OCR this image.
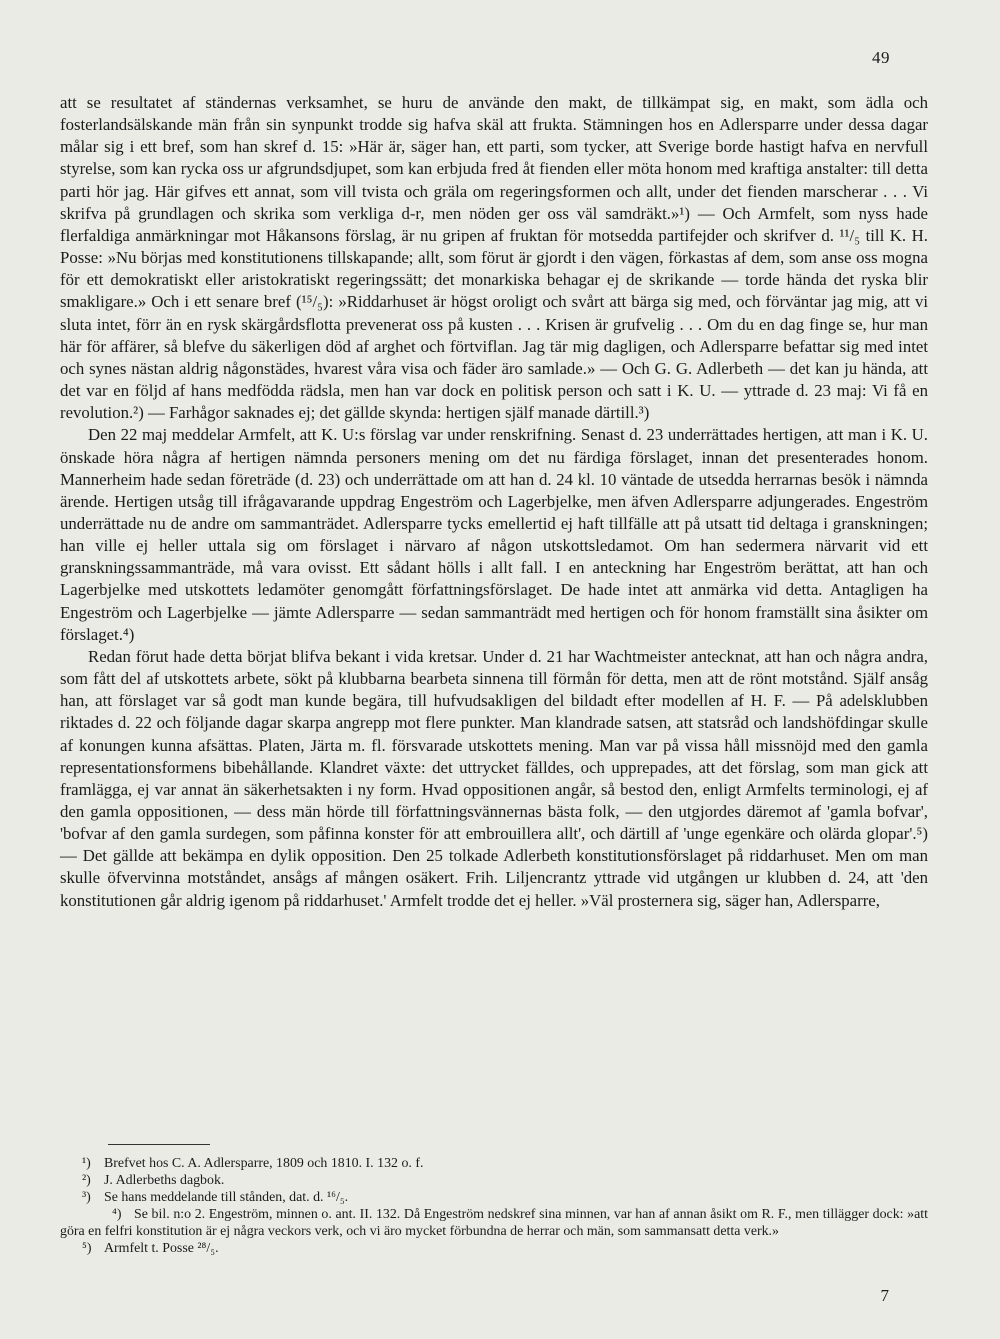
49

att se resultatet af ständernas verksamhet, se huru de använde den makt, de tillkämpat sig, en makt, som ädla och fosterlandsälskande män från sin synpunkt trodde sig hafva skäl att frukta. Stämningen hos en Adlersparre under dessa dagar målar sig i ett bref, som han skref d. 15: »Här är, säger han, ett parti, som tycker, att Sverige borde hastigt hafva en nervfull styrelse, som kan rycka oss ur afgrundsdjupet, som kan erbjuda fred åt fienden eller möta honom med kraftiga anstalter: till detta parti hör jag. Här gifves ett annat, som vill tvista och gräla om regeringsformen och allt, under det fienden marscherar . . . Vi skrifva på grundlagen och skrika som verkliga d-r, men nöden ger oss väl samdräkt.»¹) — Och Armfelt, som nyss hade flerfaldiga anmärkningar mot Håkansons förslag, är nu gripen af fruktan för motsedda partifejder och skrifver d. ¹¹/₅ till K. H. Posse: »Nu börjas med konstitutionens tillskapande; allt, som förut är gjordt i den vägen, förkastas af dem, som anse oss mogna för ett demokratiskt eller aristokratiskt regeringssätt; det monarkiska behagar ej de skrikande — torde hända det ryska blir smakligare.» Och i ett senare bref (¹⁵/₅): »Riddarhuset är högst oroligt och svårt att bärga sig med, och förväntar jag mig, att vi sluta intet, förr än en rysk skärgårdsflotta prevenerat oss på kusten . . . Krisen är grufvelig . . . Om du en dag finge se, hur man här för affärer, så blefve du säkerligen död af arghet och förtviflan. Jag tär mig dagligen, och Adlersparre befattar sig med intet och synes nästan aldrig någonstädes, hvarest våra visa och fäder äro samlade.» — Och G. G. Adlerbeth — det kan ju hända, att det var en följd af hans medfödda rädsla, men han var dock en politisk person och satt i K. U. — yttrade d. 23 maj: Vi få en revolution.²) — Farhågor saknades ej; det gällde skynda: hertigen själf manade därtill.³)

Den 22 maj meddelar Armfelt, att K. U:s förslag var under renskrifning. Senast d. 23 underrättades hertigen, att man i K. U. önskade höra några af hertigen nämnda personers mening om det nu färdiga förslaget, innan det presenterades honom. Mannerheim hade sedan företräde (d. 23) och underrättade om att han d. 24 kl. 10 väntade de utsedda herrarnas besök i nämnda ärende. Hertigen utsåg till ifrågavarande uppdrag Engeström och Lagerbjelke, men äfven Adlersparre adjungerades. Engeström underrättade nu de andre om sammanträdet. Adlersparre tycks emellertid ej haft tillfälle att på utsatt tid deltaga i granskningen; han ville ej heller uttala sig om förslaget i närvaro af någon utskottsledamot. Om han sedermera närvarit vid ett granskningssammanträde, må vara ovisst. Ett sådant hölls i allt fall. I en anteckning har Engeström berättat, att han och Lagerbjelke med utskottets ledamöter genomgått författningsförslaget. De hade intet att anmärka vid detta. Antagligen ha Engeström och Lagerbjelke — jämte Adlersparre — sedan sammanträdt med hertigen och för honom framställt sina åsikter om förslaget.⁴)

Redan förut hade detta börjat blifva bekant i vida kretsar. Under d. 21 har Wachtmeister antecknat, att han och några andra, som fått del af utskottets arbete, sökt på klubbarna bearbeta sinnena till förmån för detta, men att de rönt motstånd. Själf ansåg han, att förslaget var så godt man kunde begära, till hufvudsakligen del bildadt efter modellen af H. F. — På adelsklubben riktades d. 22 och följande dagar skarpa angrepp mot flere punkter. Man klandrade satsen, att statsråd och landshöfdingar skulle af konungen kunna afsättas. Platen, Järta m. fl. försvarade utskottets mening. Man var på vissa håll missnöjd med den gamla representationsformens bibehållande. Klandret växte: det uttrycket fälldes, och upprepades, att det förslag, som man gick att framlägga, ej var annat än säkerhetsakten i ny form. Hvad oppositionen angår, så bestod den, enligt Armfelts terminologi, ej af den gamla oppositionen, — dess män hörde till författningsvännernas bästa folk, — den utgjordes däremot af 'gamla bofvar', 'bofvar af den gamla surdegen, som påfinna konster för att embrouillera allt', och därtill af 'unge egenkäre och olärda glopar'.⁵) — Det gällde att bekämpa en dylik opposition. Den 25 tolkade Adlerbeth konstitutionsförslaget på riddarhuset. Men om man skulle öfvervinna motståndet, ansågs af mången osäkert. Frih. Liljencrantz yttrade vid utgången ur klubben d. 24, att 'den konstitutionen går aldrig igenom på riddarhuset.' Armfelt trodde det ej heller. »Väl prosternera sig, säger han, Adlersparre,

¹) Brefvet hos C. A. Adlersparre, 1809 och 1810. I. 132 o. f.

²) J. Adlerbeths dagbok.

³) Se hans meddelande till stånden, dat. d. ¹⁶/₅.

⁴) Se bil. n:o 2. Engeström, minnen o. ant. II. 132. Då Engeström nedskref sina minnen, var han af annan åsikt om R. F., men tillägger dock: »att göra en felfri konstitution är ej några veckors verk, och vi äro mycket förbundna de herrar och män, som sammansatt detta verk.»

⁵) Armfelt t. Posse ²⁸/₅.

7
